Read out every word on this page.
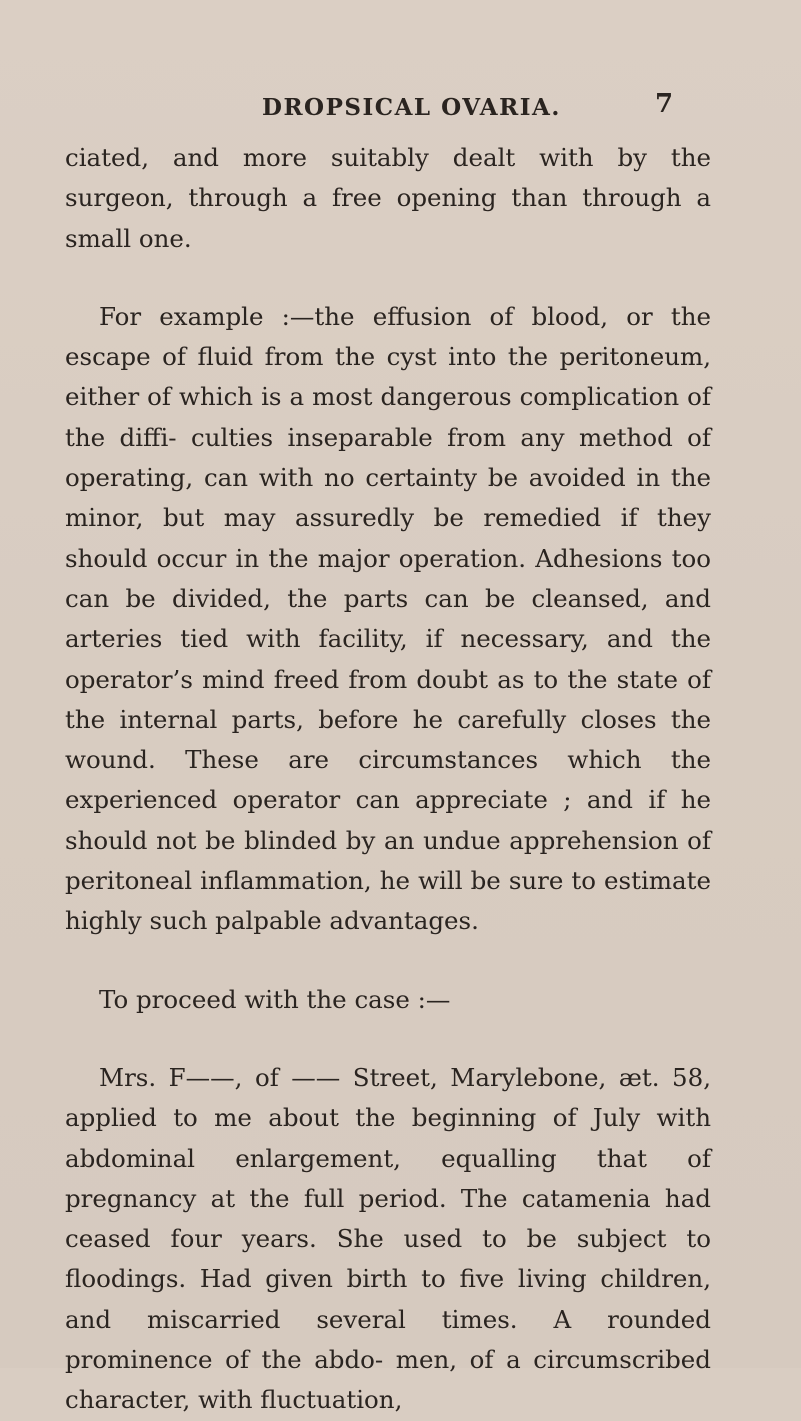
DROPSICAL OVARIA.	7

ciated, and more suitably dealt with by the surgeon, through a free opening than through a small one.

For example :—the effusion of blood, or the escape of fluid from the cyst into the peritoneum, either of which is a most dangerous complication of the diffi- culties inseparable from any method of operating, can with no certainty be avoided in the minor, but may assuredly be remedied if they should occur in the major operation. Adhesions too can be divided, the parts can be cleansed, and arteries tied with facility, if necessary, and the operator’s mind freed from doubt as to the state of the internal parts, before he carefully closes the wound. These are circumstances which the experienced operator can appreciate ; and if he should not be blinded by an undue apprehension of peritoneal inflammation, he will be sure to estimate highly such palpable advantages.

To proceed with the case :—

Mrs. F——, of —— Street, Marylebone, æt. 58, applied to me about the beginning of July with abdominal enlargement, equalling that of pregnancy at the full period. The catamenia had ceased four years. She used to be subject to floodings. Had given birth to five living children, and miscarried several times. A rounded prominence of the abdo- men, of a circumscribed character, with fluctuation,
